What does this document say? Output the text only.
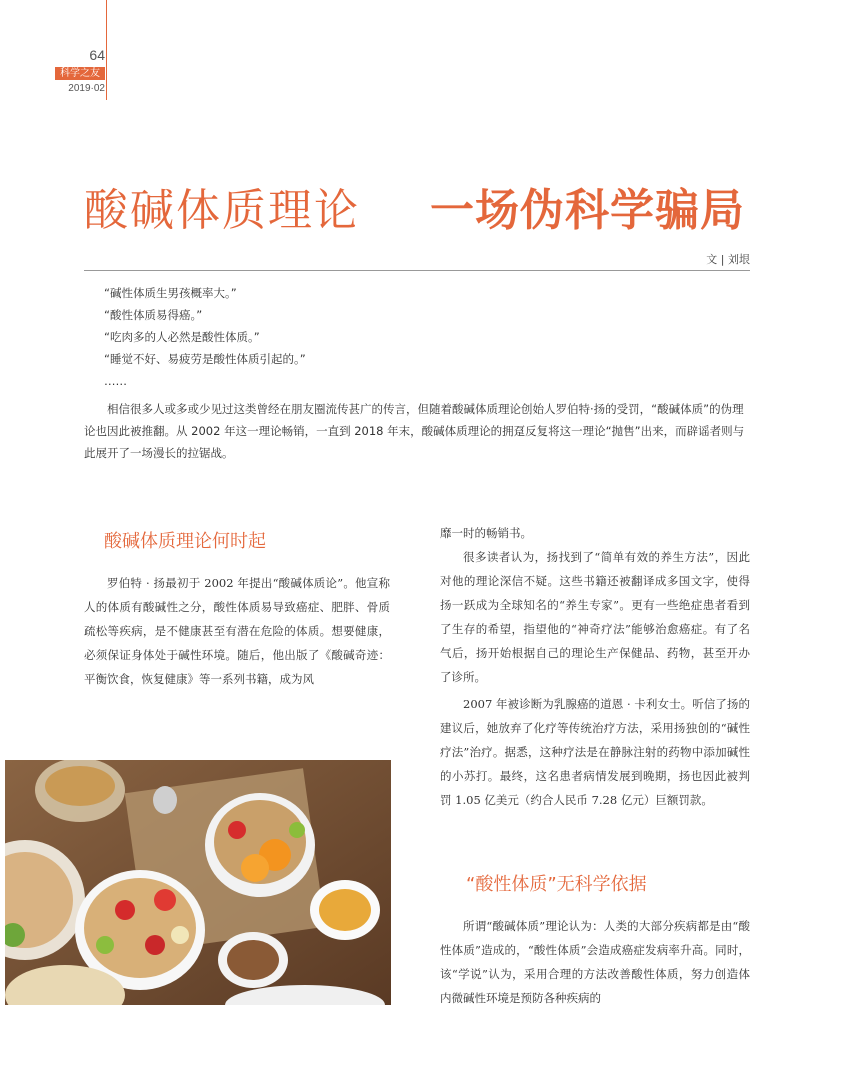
64
科学之友
2019·02
酸碱体质理论 一场伪科学骗局
文 | 刘垠
“碱性体质生男孩概率大。”
“酸性体质易得癌。”
“吃肉多的人必然是酸性体质。”
“睡觉不好、易疲劳是酸性体质引起的。”
……

相信很多人或多或少见过这类曾经在朋友圈流传甚广的传言，但随着酸碱体质理论创始人罗伯特·扬的受罚，“酸碱体质”的伪理论也因此被推翻。从 2002 年这一理论畅销，一直到 2018 年末，酸碱体质理论的拥趸反复将这一理论“抛售”出来，而辟谣者则与此展开了一场漫长的拉锯战。

酸碱体质理论何时起

罗伯特 · 扬最初于 2002 年提出“酸碱体质论”。他宣称人的体质有酸碱性之分，酸性体质易导致癌症、肥胖、骨质疏松等疾病，是不健康甚至有潜在危险的体质。想要健康，必须保证身体处于碱性环境。随后，他出版了《酸碱奇迹：平衡饮食，恢复健康》等一系列书籍，成为风

靡一时的畅销书。

很多读者认为，扬找到了“简单有效的养生方法”，因此对他的理论深信不疑。这些书籍还被翻译成多国文字，使得扬一跃成为全球知名的“养生专家”。更有一些绝症患者看到了生存的希望，指望他的“神奇疗法”能够治愈癌症。有了名气后，扬开始根据自己的理论生产保健品、药物，甚至开办了诊所。

2007 年被诊断为乳腺癌的道恩 · 卡利女士。听信了扬的建议后，她放弃了化疗等传统治疗方法，采用扬独创的“碱性疗法”治疗。据悉，这种疗法是在静脉注射的药物中添加碱性的小苏打。最终，这名患者病情发展到晚期，扬也因此被判罚 1.05 亿美元（约合人民币 7.28 亿元）巨额罚款。

“酸性体质”无科学依据

所谓“酸碱体质”理论认为：人类的大部分疾病都是由“酸性体质”造成的，“酸性体质”会造成癌症发病率升高。同时，该“学说”认为，采用合理的方法改善酸性体质，努力创造体内微碱性环境是预防各种疾病的
